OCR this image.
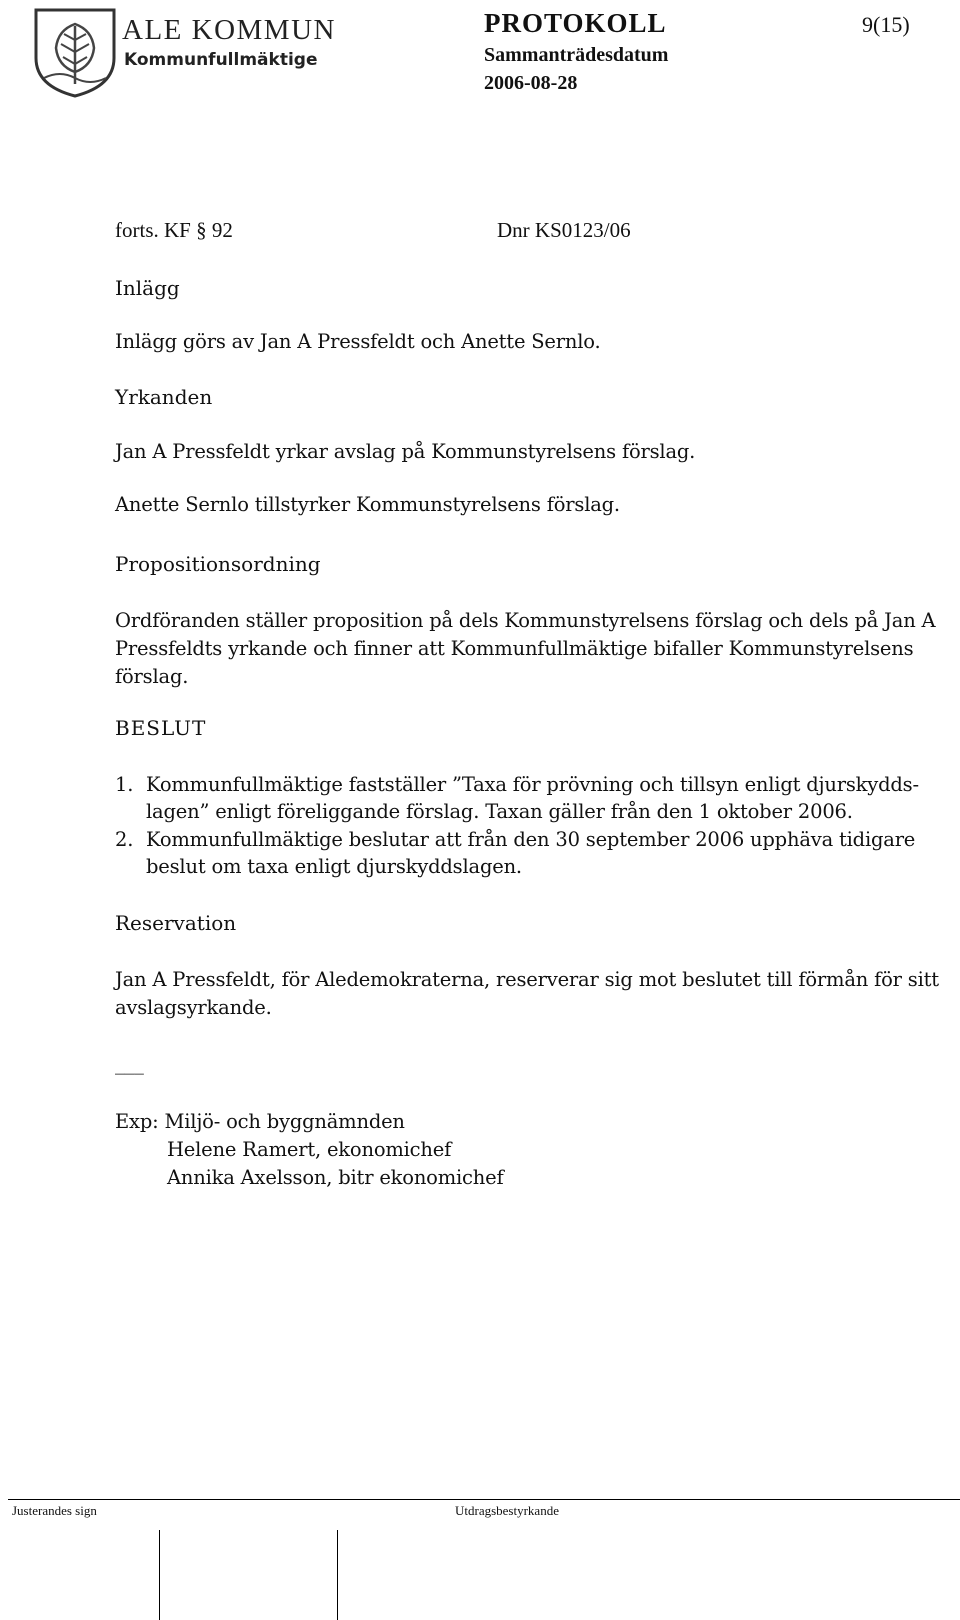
ALE KOMMUN
Kommunfullmäktige
PROTOKOLL	9(15)
Sammanträdesdatum
2006-08-28
forts. KF § 92	Dnr KS0123/06
Inlägg
Inlägg görs av Jan A Pressfeldt och Anette Sernlo.
Yrkanden
Jan A Pressfeldt yrkar avslag på Kommunstyrelsens förslag.
Anette Sernlo tillstyrker Kommunstyrelsens förslag.
Propositionsordning
Ordföranden ställer proposition på dels Kommunstyrelsens förslag och dels på Jan A
Pressfeldts yrkande och finner att Kommunfullmäktige bifaller Kommunstyrelsens
förslag.
BESLUT
1. Kommunfullmäktige fastställer ”Taxa för prövning och tillsyn enligt djurskydds-
lagen” enligt föreliggande förslag. Taxan gäller från den 1 oktober 2006.
2. Kommunfullmäktige beslutar att från den 30 september 2006 upphäva tidigare
beslut om taxa enligt djurskyddslagen.
Reservation
Jan A Pressfeldt, för Aledemokraterna, reserverar sig mot beslutet till förmån för sitt
avslagsyrkande.
___
Exp: Miljö- och byggnämnden
Helene Ramert, ekonomichef
Annika Axelsson, bitr ekonomichef
Justerandes sign	Utdragsbestyrkande
